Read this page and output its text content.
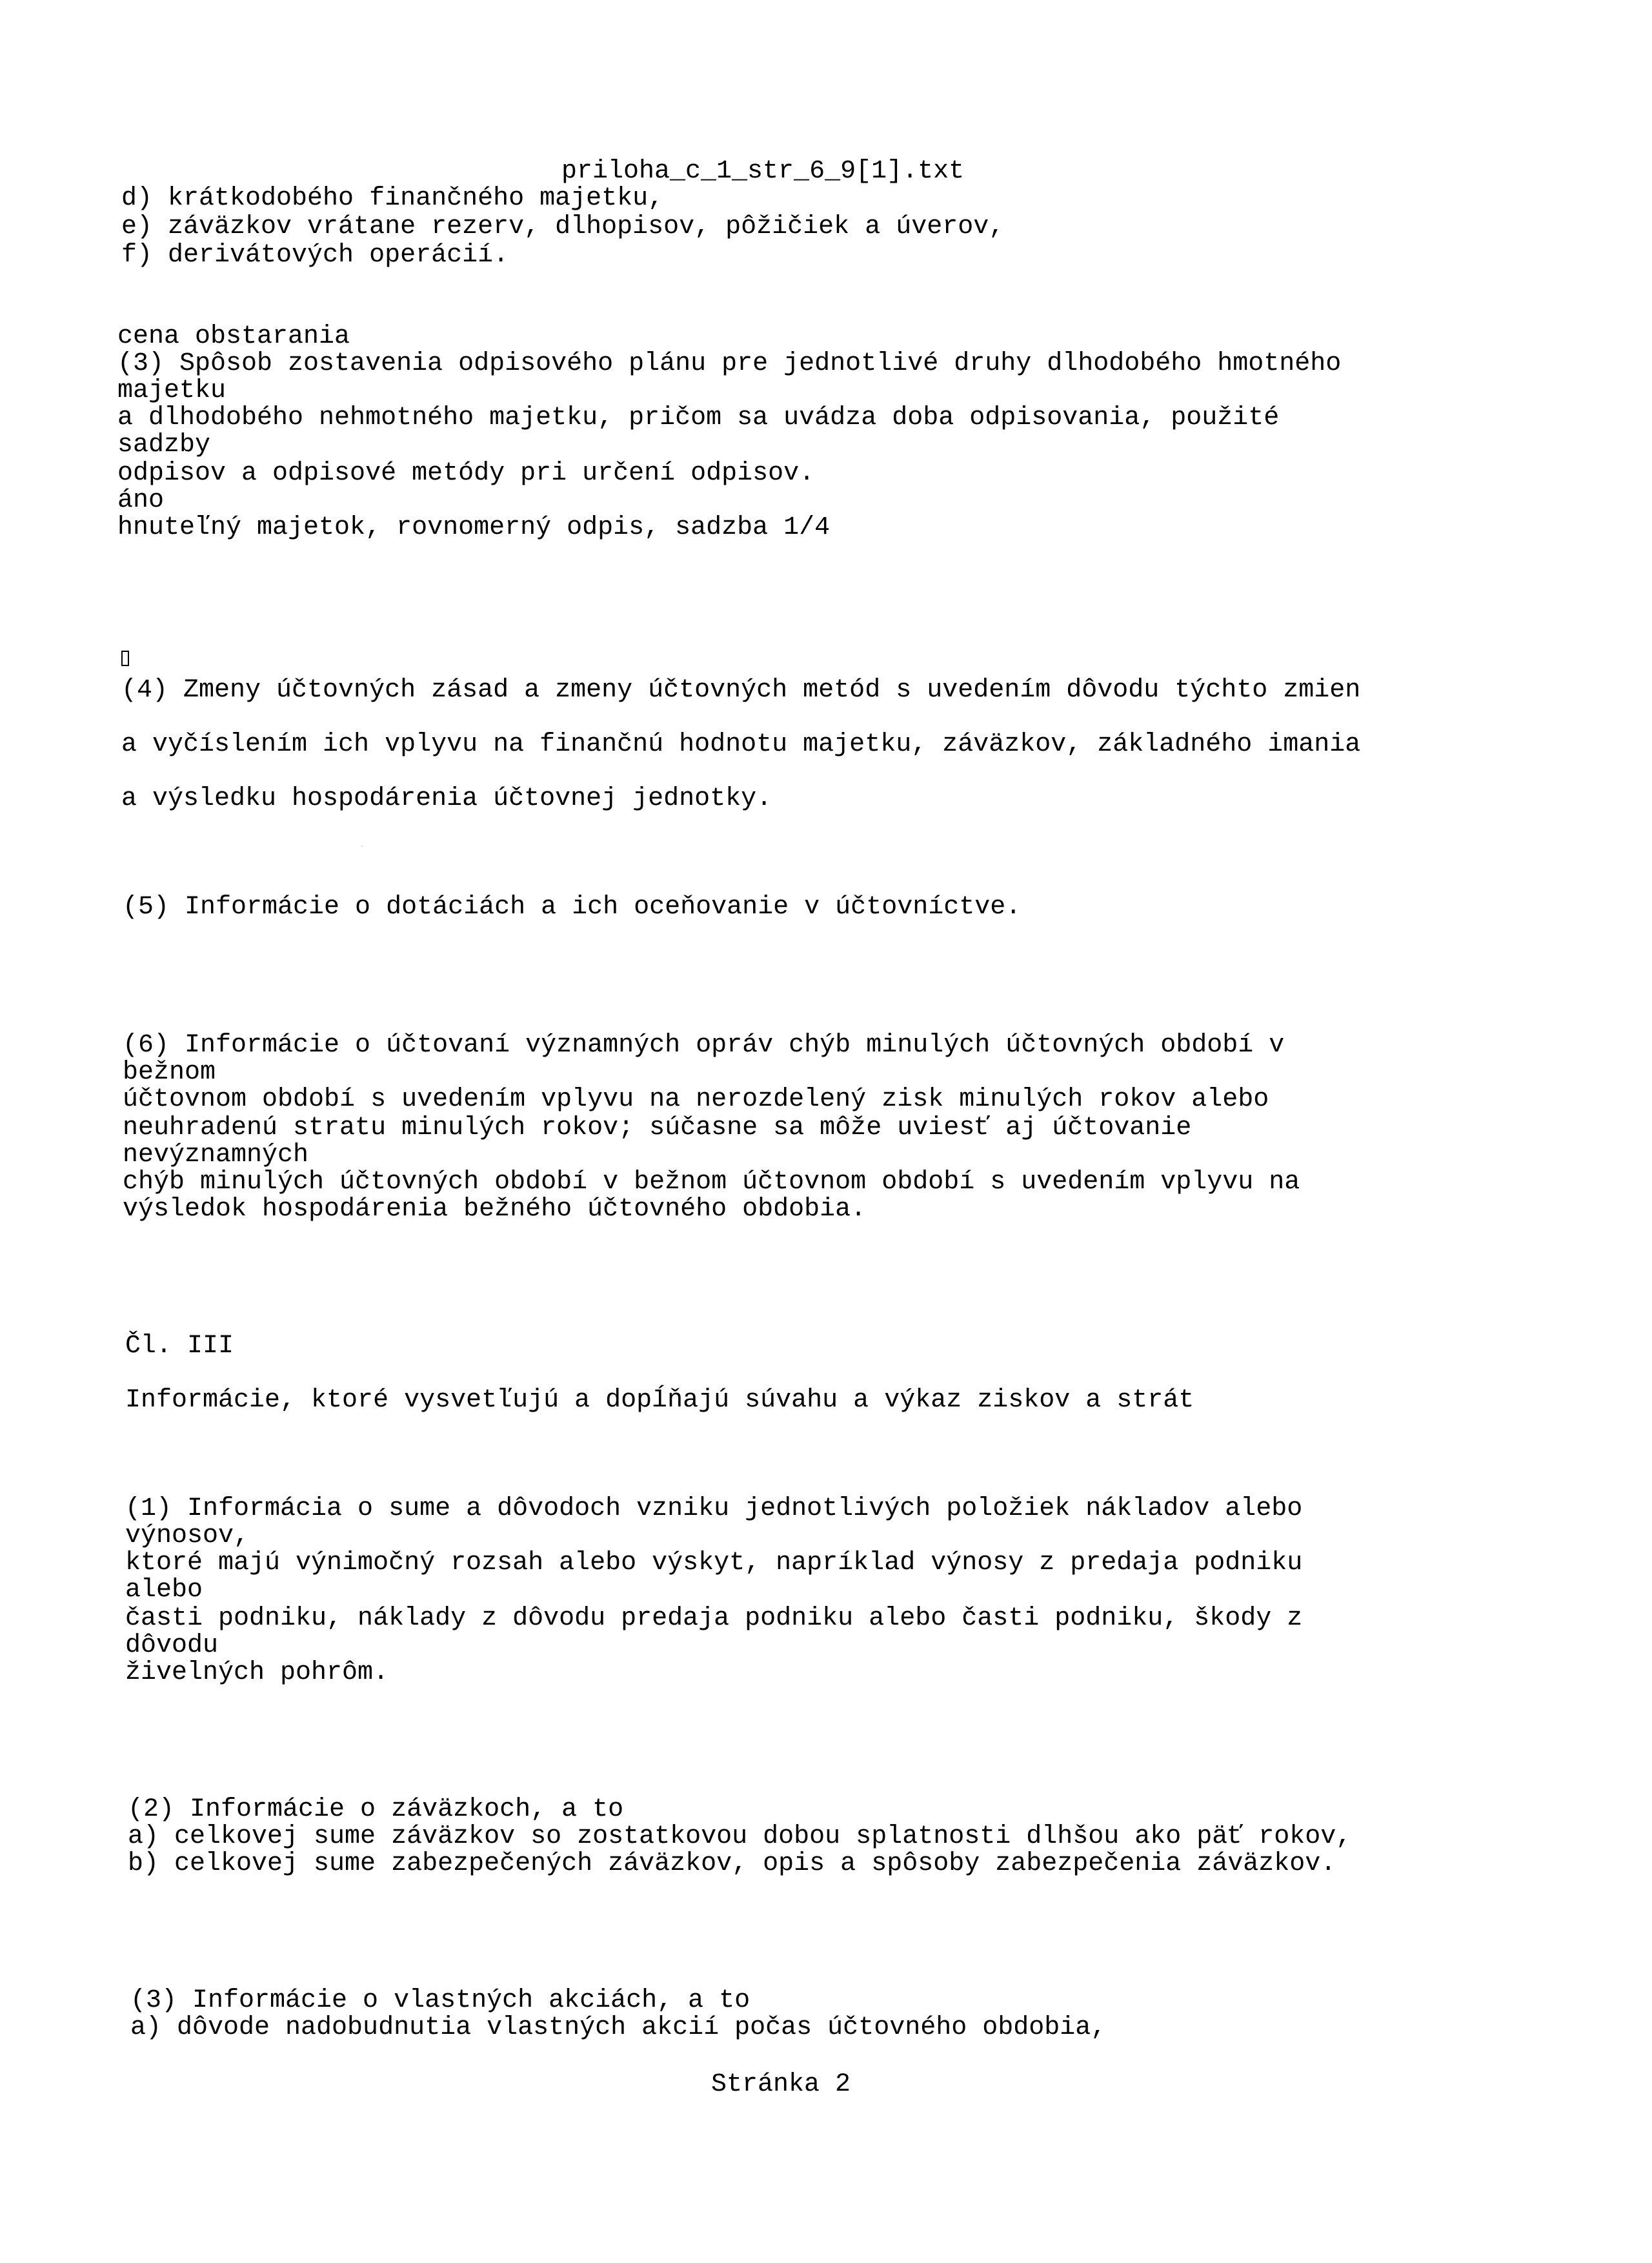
priloha_c_1_str_6_9[1].txt

d) krátkodobého finančného majetku,

e) záväzkov vrátane rezerv, dlhopisov, pôžičiek a úverov,

f) derivátových operácií.

cena obstarania

(3) Spôsob zostavenia odpisového plánu pre jednotlivé druhy dlhodobého hmotného

majetku

a dlhodobého nehmotného majetku, pričom sa uvádza doba odpisovania, použité

sadzby

odpisov a odpisové metódy pri určení odpisov.

áno

hnuteľný majetok, rovnomerný odpis, sadzba 1/4

(4) Zmeny účtovných zásad a zmeny účtovných metód s uvedením dôvodu týchto zmien

a vyčíslením ich vplyvu na finančnú hodnotu majetku, záväzkov, základného imania

a výsledku hospodárenia účtovnej jednotky.

(5) Informácie o dotáciách a ich oceňovanie v účtovníctve.

(6) Informácie o účtovaní významných opráv chýb minulých účtovných období v

bežnom

účtovnom období s uvedením vplyvu na nerozdelený zisk minulých rokov alebo

neuhradenú stratu minulých rokov; súčasne sa môže uviesť aj účtovanie

nevýznamných

chýb minulých účtovných období v bežnom účtovnom období s uvedením vplyvu na

výsledok hospodárenia bežného účtovného obdobia.

Čl. III

Informácie, ktoré vysvetľujú a dopĺňajú súvahu a výkaz ziskov a strát

(1) Informácia o sume a dôvodoch vzniku jednotlivých položiek nákladov alebo

výnosov,

ktoré majú výnimočný rozsah alebo výskyt, napríklad výnosy z predaja podniku

alebo

časti podniku, náklady z dôvodu predaja podniku alebo časti podniku, škody z

dôvodu

živelných pohrôm.

(2) Informácie o záväzkoch, a to

a) celkovej sume záväzkov so zostatkovou dobou splatnosti dlhšou ako päť rokov,

b) celkovej sume zabezpečených záväzkov, opis a spôsoby zabezpečenia záväzkov.

(3) Informácie o vlastných akciách, a to

a) dôvode nadobudnutia vlastných akcií počas účtovného obdobia,

Stránka 2
